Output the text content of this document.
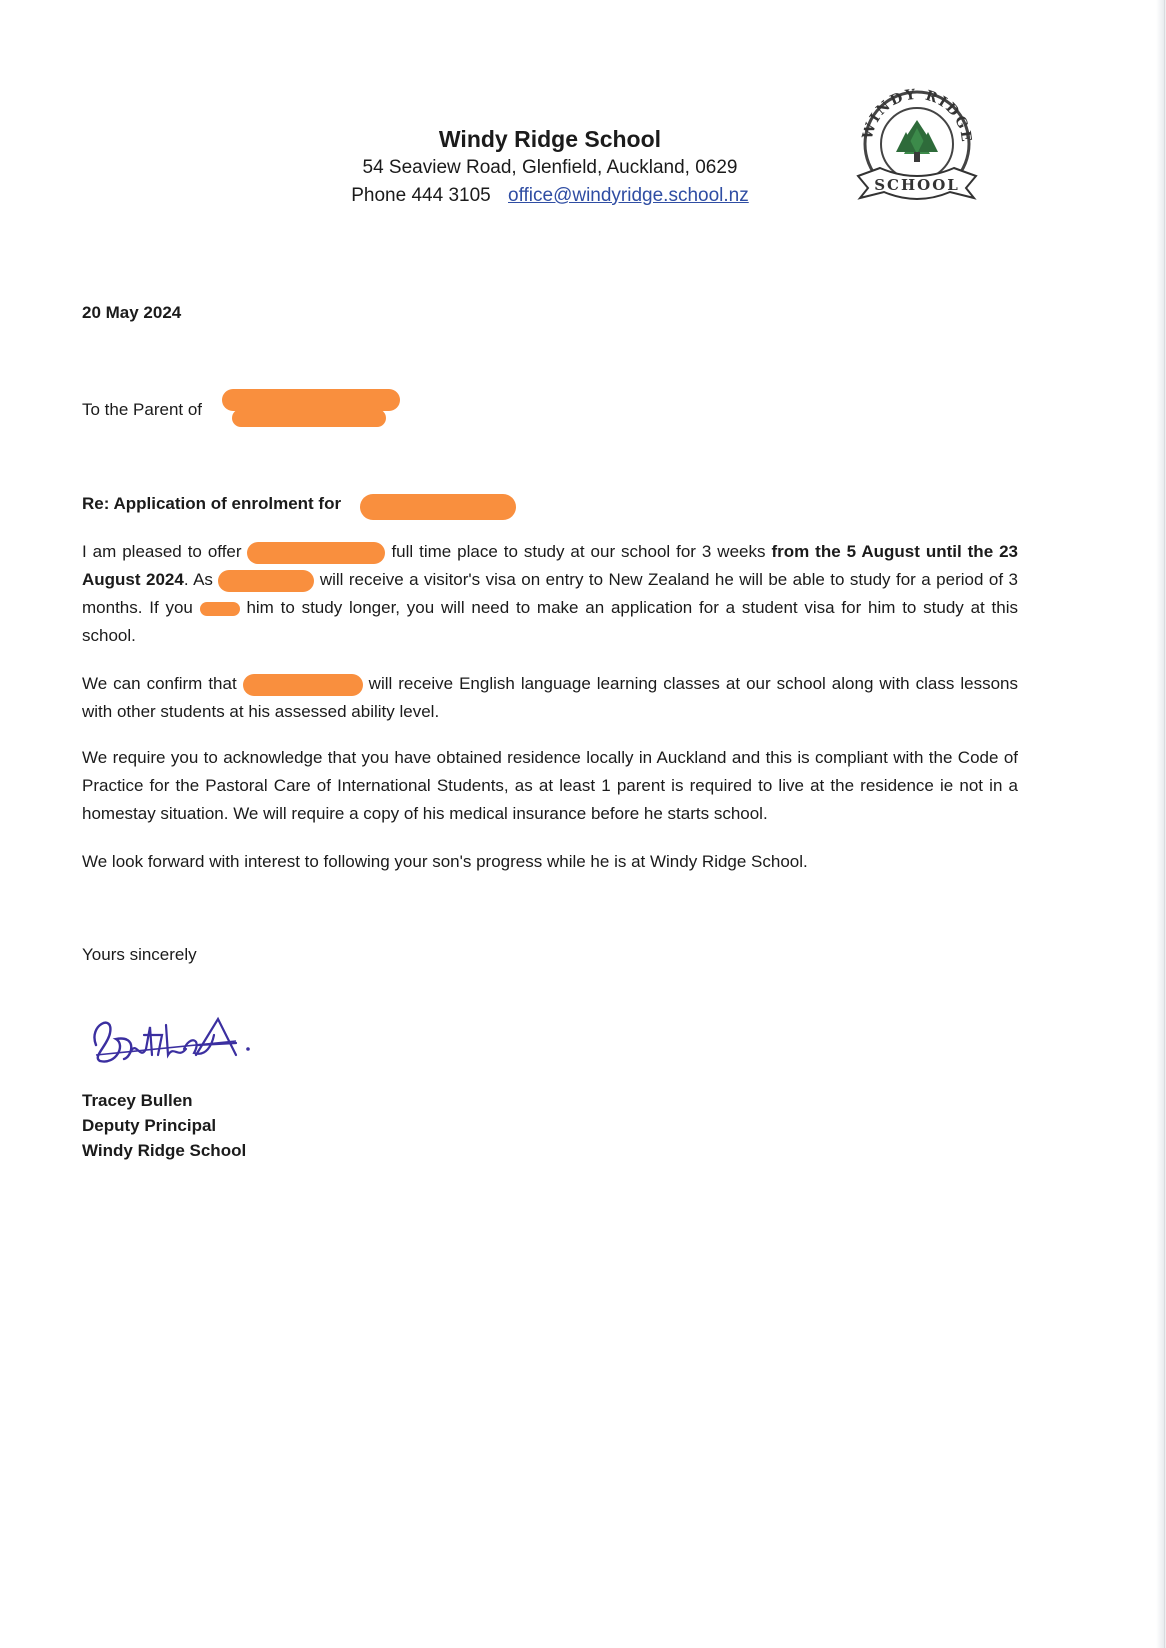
Windy Ridge School
54 Seaview Road, Glenfield, Auckland, 0629
Phone 444 3105 office@windyridge.school.nz
WINDY RIDGE
SCHOOL
20 May 2024
To the Parent of
Re: Application of enrolment for
I am pleased to offer	full time place to study at our school for 3 weeks from the 5 August until the 23 August 2024. As	will receive a visitor's visa on entry to New Zealand he will be able to study for a period of 3 months. If you	him to study longer, you will need to make an application for a student visa for him to study at this school.
We can confirm that	will receive English language learning classes at our school along with class lessons with other students at his assessed ability level.
We require you to acknowledge that you have obtained residence locally in Auckland and this is compliant with the Code of Practice for the Pastoral Care of International Students, as at least 1 parent is required to live at the residence ie not in a homestay situation. We will require a copy of his medical insurance before he starts school.
We look forward with interest to following your son's progress while he is at Windy Ridge School.
Yours sincerely
Tracey Bullen
Deputy Principal
Windy Ridge School
